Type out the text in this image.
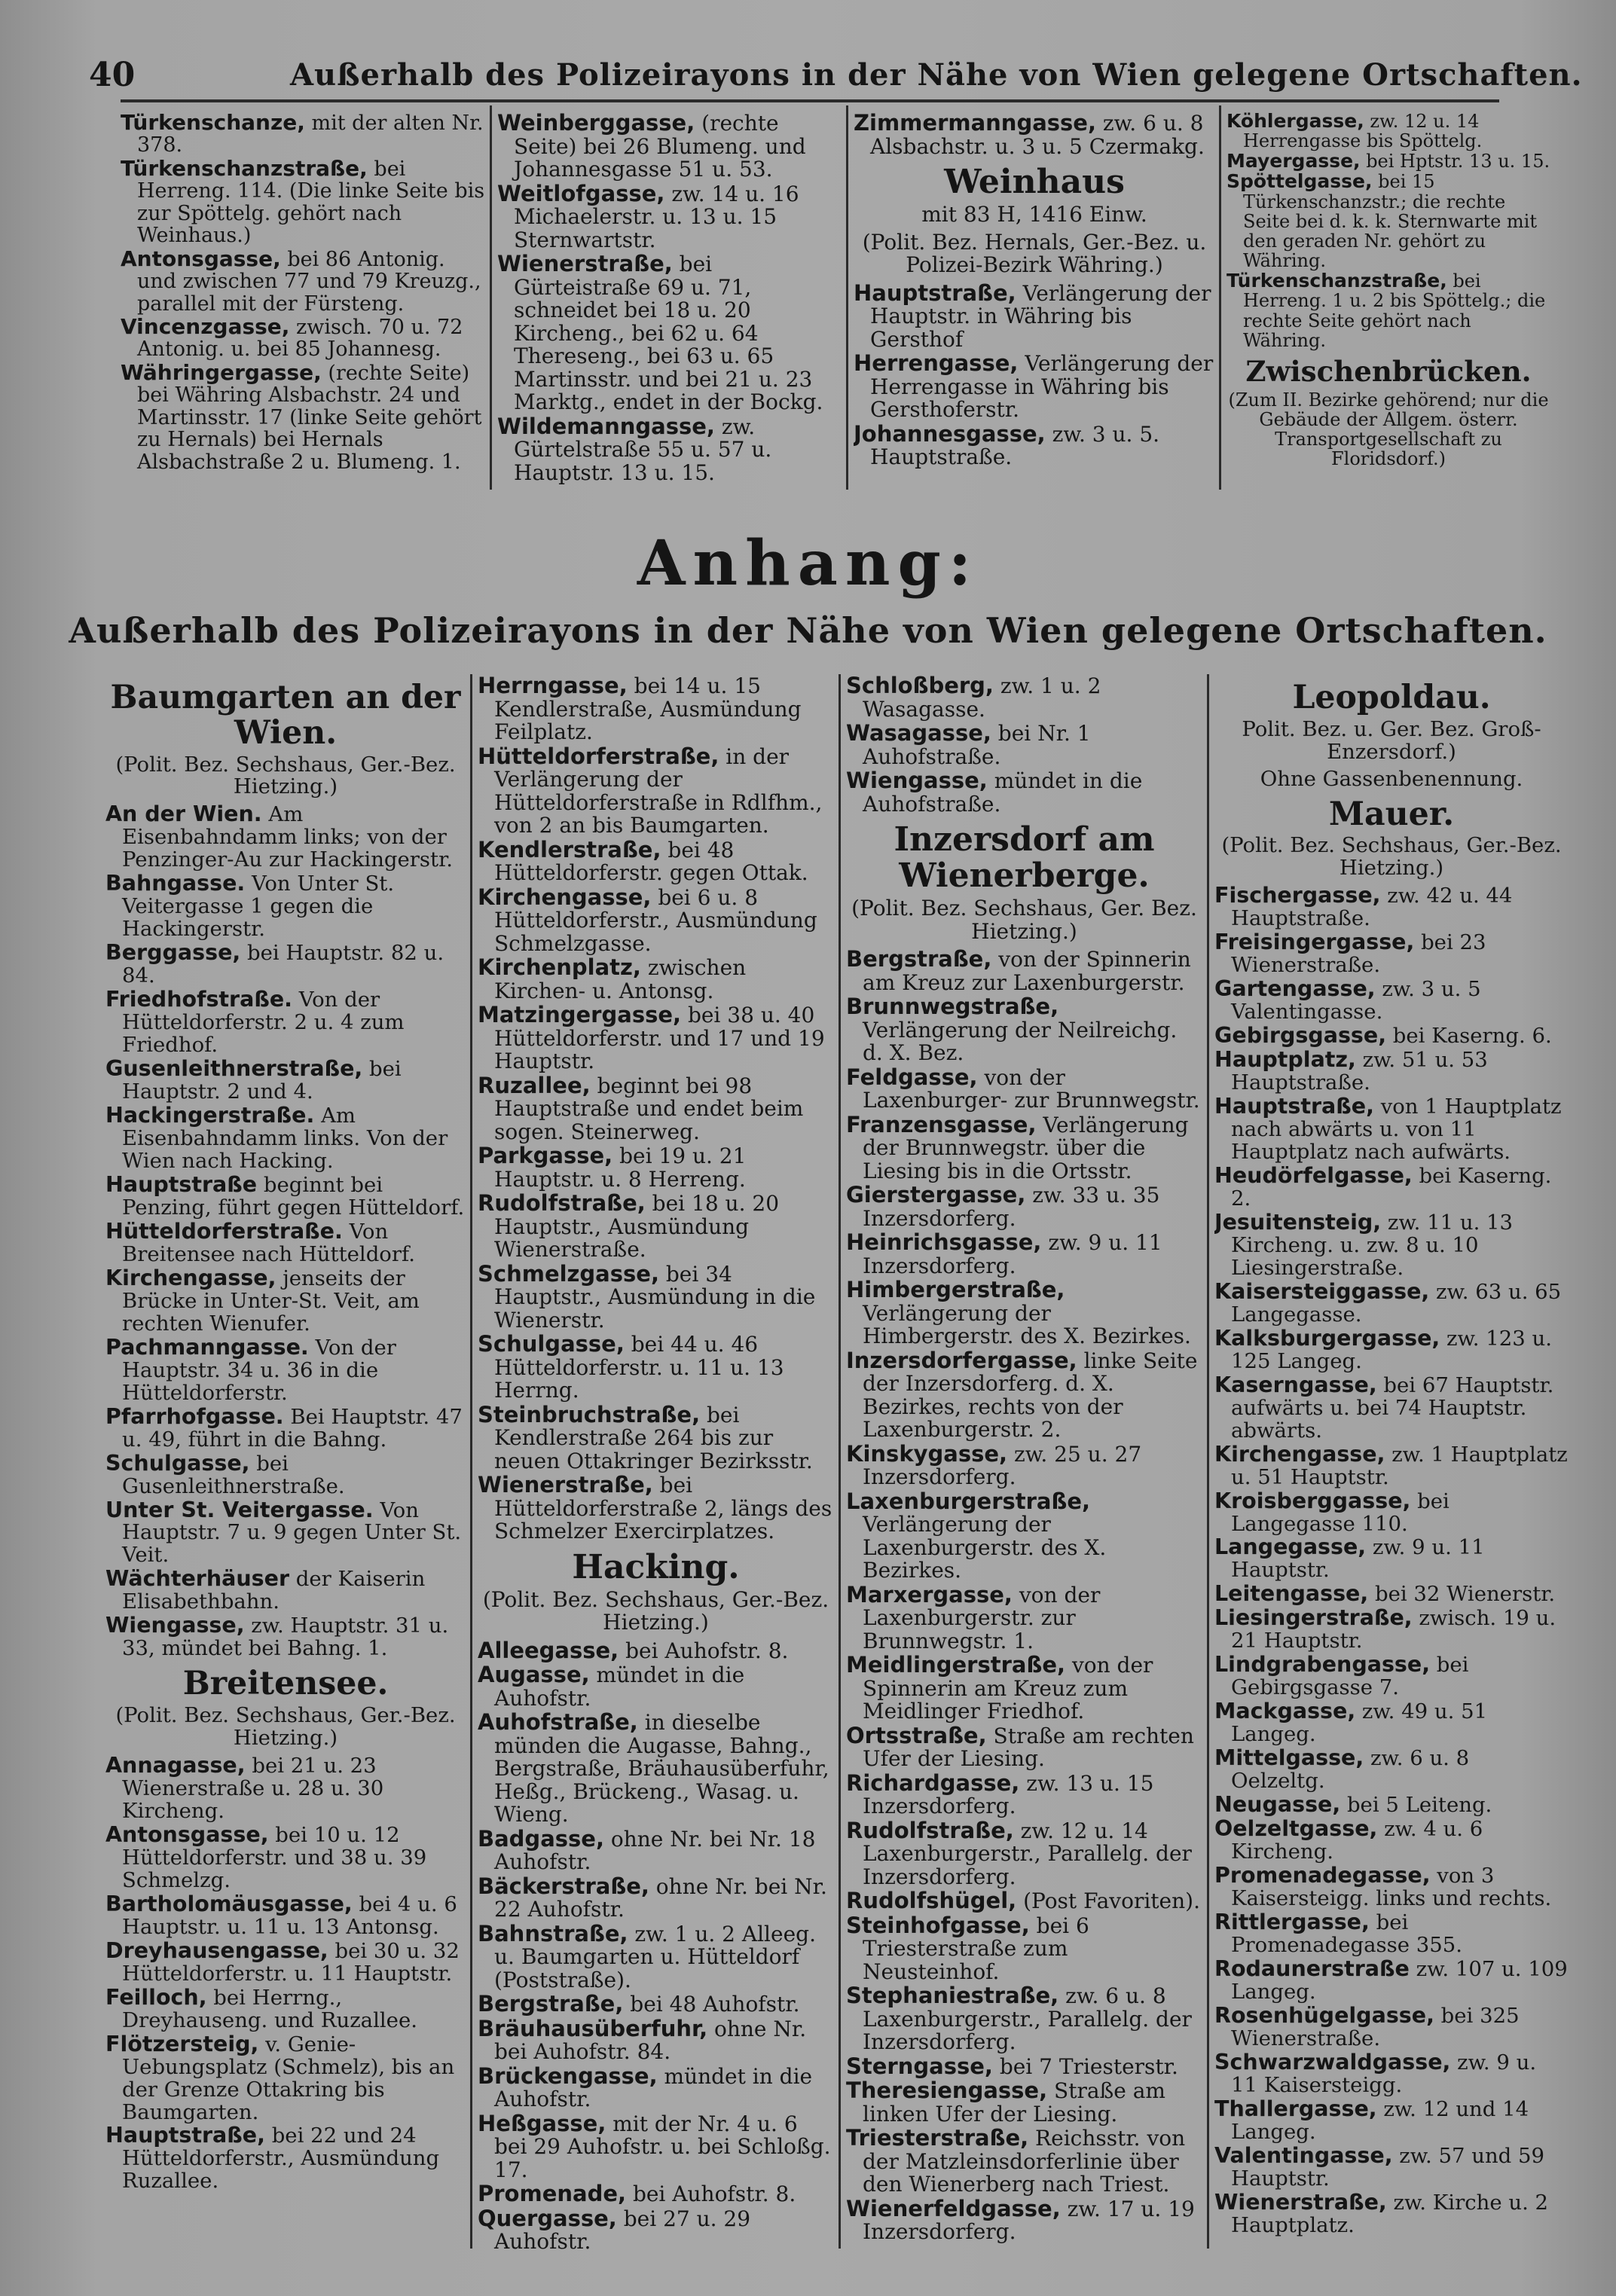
40	Außerhalb des Polizeirayons in der Nähe von Wien gelegene Ortschaften.

Türkenschanze, mit der alten Nr. 378.

Türkenschanzstraße, bei Herreng. 114. (Die linke Seite bis zur Spöttelg. gehört nach Weinhaus.)

Antonsgasse, bei 86 Antonig. und zwischen 77 und 79 Kreuzg., parallel mit der Fürsteng.

Vincenzgasse, zwisch. 70 u. 72 Antonig. u. bei 85 Johannesg.

Währingergasse, (rechte Seite) bei Währing Alsbachstr. 24 und Martinsstr. 17 (linke Seite gehört zu Hernals) bei Hernals Alsbachstraße 2 u. Blumeng. 1.

Weinberggasse, (rechte Seite) bei 26 Blumeng. und Johannesgasse 51 u. 53.

Weitlofgasse, zw. 14 u. 16 Michaelerstr. u. 13 u. 15 Sternwartstr.

Wienerstraße, bei Gürteistraße 69 u. 71, schneidet bei 18 u. 20 Kircheng., bei 62 u. 64 Thereseng., bei 63 u. 65 Martinsstr. und bei 21 u. 23 Marktg., endet in der Bockg.

Wildemanngasse, zw. Gürtelstraße 55 u. 57 u. Hauptstr. 13 u. 15.

Zimmermanngasse, zw. 6 u. 8 Alsbachstr. u. 3 u. 5 Czermakg.

Weinhaus

mit 83 H, 1416 Einw.

(Polit. Bez. Hernals, Ger.-Bez. u. Polizei-Bezirk Währing.)

Hauptstraße, Verlängerung der Hauptstr. in Währing bis Gersthof

Herrengasse, Verlängerung der Herrengasse in Währing bis Gersthoferstr.

Johannesgasse, zw. 3 u. 5. Hauptstraße.

Köhlergasse, zw. 12 u. 14 Herrengasse bis Spöttelg.

Mayergasse, bei Hptstr. 13 u. 15.

Spöttelgasse, bei 15 Türkenschanzstr.; die rechte Seite bei d. k. k. Sternwarte mit den geraden Nr. gehört zu Währing.

Türkenschanzstraße, bei Herreng. 1 u. 2 bis Spöttelg.; die rechte Seite gehört nach Währing.

Zwischenbrücken.

(Zum II. Bezirke gehörend; nur die Gebäude der Allgem. österr. Transportgesellschaft zu Floridsdorf.)

Anhang:
Außerhalb des Polizeirayons in der Nähe von Wien gelegene Ortschaften.
Baumgarten an der Wien.

(Polit. Bez. Sechshaus, Ger.-Bez. Hietzing.)

An der Wien. Am Eisenbahndamm links; von der Penzinger-Au zur Hackingerstr.

Bahngasse. Von Unter St. Veitergasse 1 gegen die Hackingerstr.

Berggasse, bei Hauptstr. 82 u. 84.

Friedhofstraße. Von der Hütteldorferstr. 2 u. 4 zum Friedhof.

Gusenleithnerstraße, bei Hauptstr. 2 und 4.

Hackingerstraße. Am Eisenbahndamm links. Von der Wien nach Hacking.

Hauptstraße beginnt bei Penzing, führt gegen Hütteldorf.

Hütteldorferstraße. Von Breitensee nach Hütteldorf.

Kirchengasse, jenseits der Brücke in Unter-St. Veit, am rechten Wienufer.

Pachmanngasse. Von der Hauptstr. 34 u. 36 in die Hütteldorferstr.

Pfarrhofgasse. Bei Hauptstr. 47 u. 49, führt in die Bahng.

Schulgasse, bei Gusenleithnerstraße.

Unter St. Veitergasse. Von Hauptstr. 7 u. 9 gegen Unter St. Veit.

Wächterhäuser der Kaiserin Elisabethbahn.

Wiengasse, zw. Hauptstr. 31 u. 33, mündet bei Bahng. 1.

Breitensee.

(Polit. Bez. Sechshaus, Ger.-Bez. Hietzing.)

Annagasse, bei 21 u. 23 Wienerstraße u. 28 u. 30 Kircheng.

Antonsgasse, bei 10 u. 12 Hütteldorferstr. und 38 u. 39 Schmelzg.

Bartholomäusgasse, bei 4 u. 6 Hauptstr. u. 11 u. 13 Antonsg.

Dreyhausengasse, bei 30 u. 32 Hütteldorferstr. u. 11 Hauptstr.

Feilloch, bei Herrng., Dreyhauseng. und Ruzallee.

Flötzersteig, v. Genie-Uebungsplatz (Schmelz), bis an der Grenze Ottakring bis Baumgarten.

Hauptstraße, bei 22 und 24 Hütteldorferstr., Ausmündung Ruzallee.

Herrngasse, bei 14 u. 15 Kendlerstraße, Ausmündung Feilplatz.

Hütteldorferstraße, in der Verlängerung der Hütteldorferstraße in Rdlfhm., von 2 an bis Baumgarten.

Kendlerstraße, bei 48 Hütteldorferstr. gegen Ottak.

Kirchengasse, bei 6 u. 8 Hütteldorferstr., Ausmündung Schmelzgasse.

Kirchenplatz, zwischen Kirchen- u. Antonsg.

Matzingergasse, bei 38 u. 40 Hütteldorferstr. und 17 und 19 Hauptstr.

Ruzallee, beginnt bei 98 Hauptstraße und endet beim sogen. Steinerweg.

Parkgasse, bei 19 u. 21 Hauptstr. u. 8 Herreng.

Rudolfstraße, bei 18 u. 20 Hauptstr., Ausmündung Wienerstraße.

Schmelzgasse, bei 34 Hauptstr., Ausmündung in die Wienerstr.

Schulgasse, bei 44 u. 46 Hütteldorferstr. u. 11 u. 13 Herrng.

Steinbruchstraße, bei Kendlerstraße 264 bis zur neuen Ottakringer Bezirksstr.

Wienerstraße, bei Hütteldorferstraße 2, längs des Schmelzer Exercirplatzes.

Hacking.

(Polit. Bez. Sechshaus, Ger.-Bez. Hietzing.)

Alleegasse, bei Auhofstr. 8.

Augasse, mündet in die Auhofstr.

Auhofstraße, in dieselbe münden die Augasse, Bahng., Bergstraße, Bräuhausüberfuhr, Heßg., Brückeng., Wasag. u. Wieng.

Badgasse, ohne Nr. bei Nr. 18 Auhofstr.

Bäckerstraße, ohne Nr. bei Nr. 22 Auhofstr.

Bahnstraße, zw. 1 u. 2 Alleeg. u. Baumgarten u. Hütteldorf (Poststraße).

Bergstraße, bei 48 Auhofstr.

Bräuhausüberfuhr, ohne Nr. bei Auhofstr. 84.

Brückengasse, mündet in die Auhofstr.

Heßgasse, mit der Nr. 4 u. 6 bei 29 Auhofstr. u. bei Schloßg. 17.

Promenade, bei Auhofstr. 8.

Quergasse, bei 27 u. 29 Auhofstr.

Schloßberg, zw. 1 u. 2 Wasagasse.

Wasagasse, bei Nr. 1 Auhofstraße.

Wiengasse, mündet in die Auhofstraße.

Inzersdorf am Wienerberge.

(Polit. Bez. Sechshaus, Ger. Bez. Hietzing.)

Bergstraße, von der Spinnerin am Kreuz zur Laxenburgerstr.

Brunnwegstraße, Verlängerung der Neilreichg. d. X. Bez.

Feldgasse, von der Laxenburger- zur Brunnwegstr.

Franzensgasse, Verlängerung der Brunnwegstr. über die Liesing bis in die Ortsstr.

Gierstergasse, zw. 33 u. 35 Inzersdorferg.

Heinrichsgasse, zw. 9 u. 11 Inzersdorferg.

Himbergerstraße, Verlängerung der Himbergerstr. des X. Bezirkes.

Inzersdorfergasse, linke Seite der Inzersdorferg. d. X. Bezirkes, rechts von der Laxenburgerstr. 2.

Kinskygasse, zw. 25 u. 27 Inzersdorferg.

Laxenburgerstraße, Verlängerung der Laxenburgerstr. des X. Bezirkes.

Marxergasse, von der Laxenburgerstr. zur Brunnwegstr. 1.

Meidlingerstraße, von der Spinnerin am Kreuz zum Meidlinger Friedhof.

Ortsstraße, Straße am rechten Ufer der Liesing.

Richardgasse, zw. 13 u. 15 Inzersdorferg.

Rudolfstraße, zw. 12 u. 14 Laxenburgerstr., Parallelg. der Inzersdorferg.

Rudolfshügel, (Post Favoriten).

Steinhofgasse, bei 6 Triesterstraße zum Neusteinhof.

Stephaniestraße, zw. 6 u. 8 Laxenburgerstr., Parallelg. der Inzersdorferg.

Sterngasse, bei 7 Triesterstr.

Theresiengasse, Straße am linken Ufer der Liesing.

Triesterstraße, Reichsstr. von der Matzleinsdorferlinie über den Wienerberg nach Triest.

Wienerfeldgasse, zw. 17 u. 19 Inzersdorferg.

Leopoldau.

Polit. Bez. u. Ger. Bez. Groß-Enzersdorf.)

Ohne Gassenbenennung.

Mauer.

(Polit. Bez. Sechshaus, Ger.-Bez. Hietzing.)

Fischergasse, zw. 42 u. 44 Hauptstraße.

Freisingergasse, bei 23 Wienerstraße.

Gartengasse, zw. 3 u. 5 Valentingasse.

Gebirgsgasse, bei Kaserng. 6.

Hauptplatz, zw. 51 u. 53 Hauptstraße.

Hauptstraße, von 1 Hauptplatz nach abwärts u. von 11 Hauptplatz nach aufwärts.

Heudörfelgasse, bei Kaserng. 2.

Jesuitensteig, zw. 11 u. 13 Kircheng. u. zw. 8 u. 10 Liesingerstraße.

Kaisersteiggasse, zw. 63 u. 65 Langegasse.

Kalksburgergasse, zw. 123 u. 125 Langeg.

Kaserngasse, bei 67 Hauptstr. aufwärts u. bei 74 Hauptstr. abwärts.

Kirchengasse, zw. 1 Hauptplatz u. 51 Hauptstr.

Kroisberggasse, bei Langegasse 110.

Langegasse, zw. 9 u. 11 Hauptstr.

Leitengasse, bei 32 Wienerstr.

Liesingerstraße, zwisch. 19 u. 21 Hauptstr.

Lindgrabengasse, bei Gebirgsgasse 7.

Mackgasse, zw. 49 u. 51 Langeg.

Mittelgasse, zw. 6 u. 8 Oelzeltg.

Neugasse, bei 5 Leiteng.

Oelzeltgasse, zw. 4 u. 6 Kircheng.

Promenadegasse, von 3 Kaisersteigg. links und rechts.

Rittlergasse, bei Promenadegasse 355.

Rodaunerstraße zw. 107 u. 109 Langeg.

Rosenhügelgasse, bei 325 Wienerstraße.

Schwarzwaldgasse, zw. 9 u. 11 Kaisersteigg.

Thallergasse, zw. 12 und 14 Langeg.

Valentingasse, zw. 57 und 59 Hauptstr.

Wienerstraße, zw. Kirche u. 2 Hauptplatz.
